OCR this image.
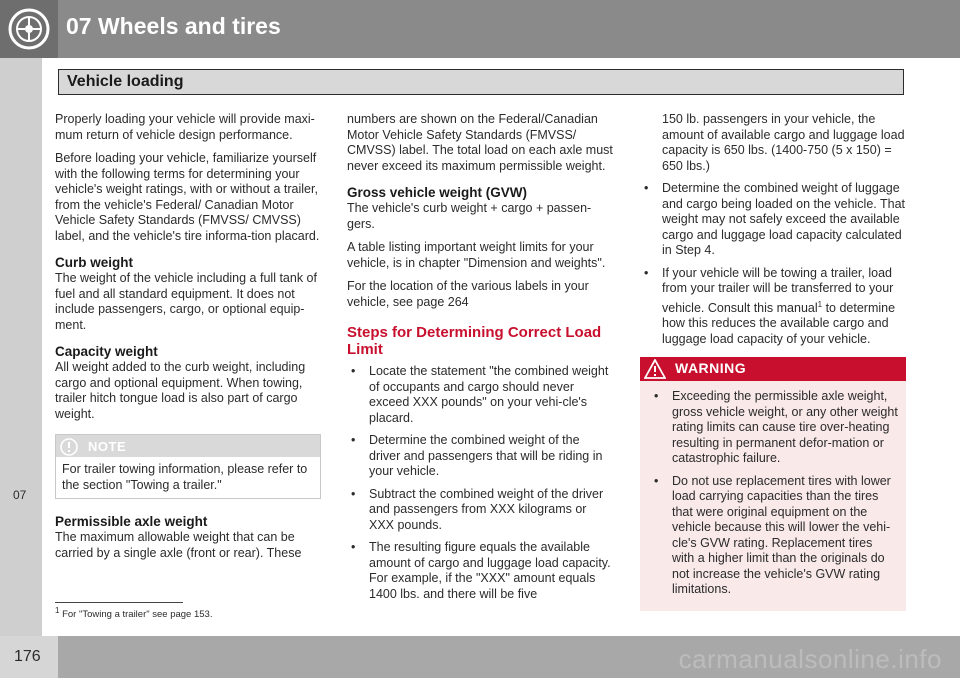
07 Wheels and tires
Vehicle loading
07

Properly loading your vehicle will provide maxi-mum return of vehicle design performance.

Before loading your vehicle, familiarize yourself with the following terms for determining your vehicle's weight ratings, with or without a trailer, from the vehicle's Federal/ Canadian Motor Vehicle Safety Standards (FMVSS/ CMVSS) label, and the vehicle's tire informa-tion placard.

Curb weight

The weight of the vehicle including a full tank of fuel and all standard equipment. It does not include passengers, cargo, or optional equip-ment.

Capacity weight

All weight added to the curb weight, including cargo and optional equipment. When towing, trailer hitch tongue load is also part of cargo weight.

NOTE
For trailer towing information, please refer to the section "Towing a trailer."
Permissible axle weight

The maximum allowable weight that can be carried by a single axle (front or rear). These

numbers are shown on the Federal/Canadian Motor Vehicle Safety Standards (FMVSS/ CMVSS) label. The total load on each axle must never exceed its maximum permissible weight.

Gross vehicle weight (GVW)

The vehicle's curb weight + cargo + passen-gers.

A table listing important weight limits for your vehicle, is in chapter "Dimension and weights".

For the location of the various labels in your vehicle, see page 264

Steps for Determining Correct Load Limit
• Locate the statement "the combined weight of occupants and cargo should never exceed XXX pounds" on your vehi-cle's placard.
• Determine the combined weight of the driver and passengers that will be riding in your vehicle.
• Subtract the combined weight of the driver and passengers from XXX kilograms or XXX pounds.
• The resulting figure equals the available amount of cargo and luggage load capacity. For example, if the "XXX" amount equals 1400 lbs. and there will be five
150 lb. passengers in your vehicle, the amount of available cargo and luggage load capacity is 650 lbs. (1400-750 (5 x 150) = 650 lbs.)
• Determine the combined weight of luggage and cargo being loaded on the vehicle. That weight may not safely exceed the available cargo and luggage load capacity calculated in Step 4.
• If your vehicle will be towing a trailer, load from your trailer will be transferred to your vehicle. Consult this manual$^1$ to determine how this reduces the available cargo and luggage load capacity of your vehicle.
WARNING
• Exceeding the permissible axle weight, gross vehicle weight, or any other weight rating limits can cause tire over-heating resulting in permanent defor-mation or catastrophic failure.
• Do not use replacement tires with lower load carrying capacities than the tires that were original equipment on the vehicle because this will lower the vehi-cle's GVW rating. Replacement tires with a higher limit than the originals do not increase the vehicle's GVW rating limitations.
$^1$ For "Towing a trailer" see page 153.
176	carmanualsonline.info
